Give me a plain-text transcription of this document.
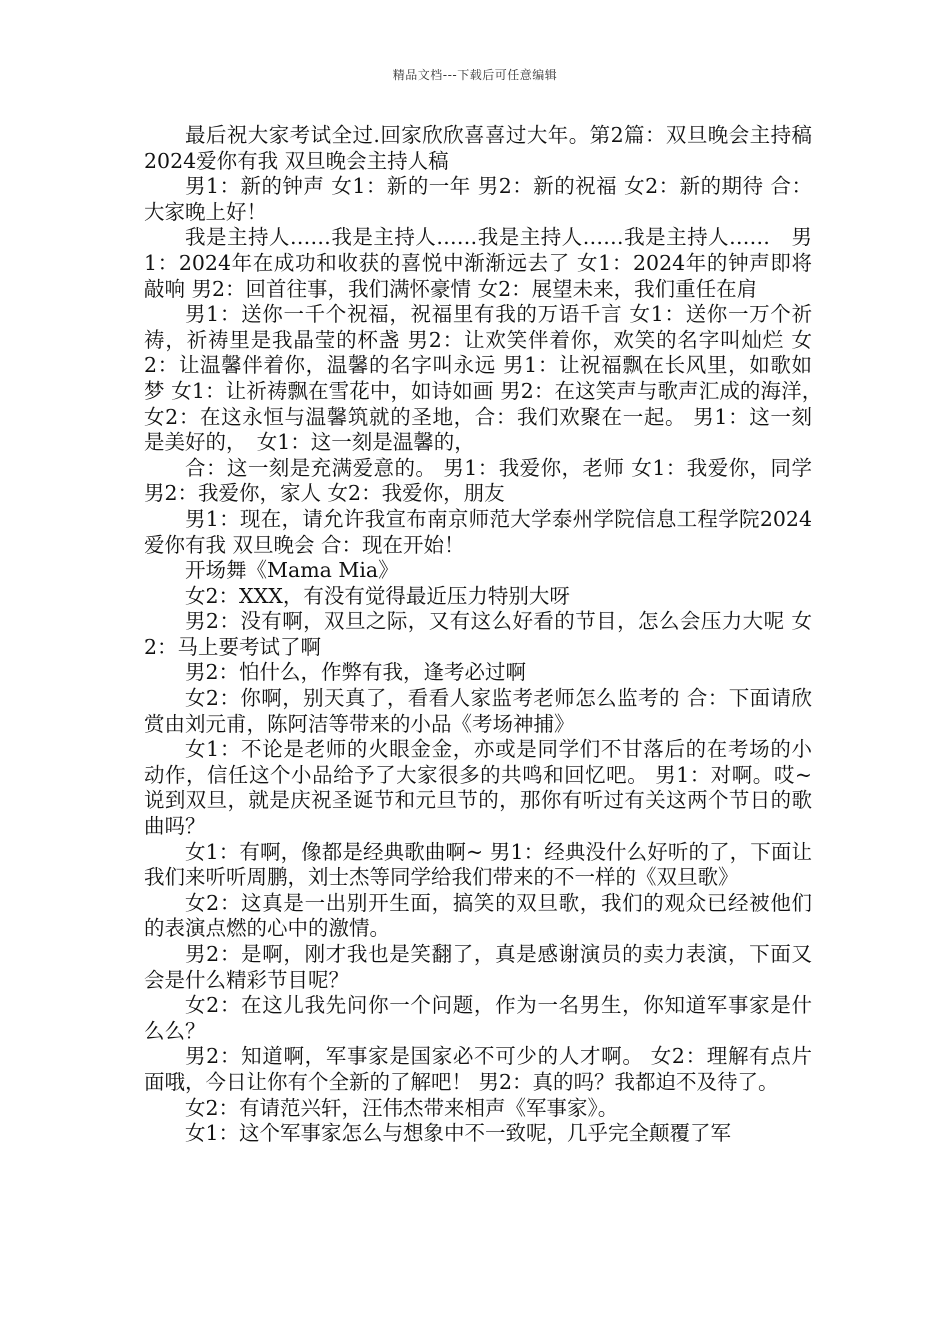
精品文档---下载后可任意编辑

最后祝大家考试全过.回家欣欣喜喜过大年。第2篇：双旦晚会主持稿2024爱你有我 双旦晚会主持人稿

男1：新的钟声 女1：新的一年 男2：新的祝福 女2：新的期待 合：大家晚上好！

我是主持人……我是主持人……我是主持人……我是主持人……　男1：2024年在成功和收获的喜悦中渐渐远去了 女1：2024年的钟声即将敲响 男2：回首往事，我们满怀豪情 女2：展望未来，我们重任在肩

男1：送你一千个祝福，祝福里有我的万语千言 女1：送你一万个祈祷，祈祷里是我晶莹的杯盏 男2：让欢笑伴着你，欢笑的名字叫灿烂 女2：让温馨伴着你，温馨的名字叫永远 男1：让祝福飘在长风里，如歌如梦 女1：让祈祷飘在雪花中，如诗如画 男2：在这笑声与歌声汇成的海洋，　女2：在这永恒与温馨筑就的圣地，合：我们欢聚在一起。 男1：这一刻是美好的，　女1：这一刻是温馨的，

合：这一刻是充满爱意的。 男1：我爱你，老师 女1：我爱你，同学 男2：我爱你，家人 女2：我爱你，朋友

男1：现在，请允许我宣布南京师范大学泰州学院信息工程学院2024爱你有我 双旦晚会 合：现在开始！

开场舞《Mama Mia》

女2：XXX，有没有觉得最近压力特别大呀

男2：没有啊，双旦之际，又有这么好看的节目，怎么会压力大呢 女2：马上要考试了啊

男2：怕什么，作弊有我，逢考必过啊

女2：你啊，别天真了，看看人家监考老师怎么监考的 合：下面请欣赏由刘元甫，陈阿洁等带来的小品《考场神捕》

女1：不论是老师的火眼金金，亦或是同学们不甘落后的在考场的小动作，信任这个小品给予了大家很多的共鸣和回忆吧。 男1：对啊。哎~说到双旦，就是庆祝圣诞节和元旦节的，那你有听过有关这两个节日的歌曲吗？

女1：有啊，像都是经典歌曲啊~ 男1：经典没什么好听的了，下面让我们来听听周鹏，刘士杰等同学给我们带来的不一样的《双旦歌》

女2：这真是一出别开生面，搞笑的双旦歌，我们的观众已经被他们的表演点燃的心中的激情。

男2：是啊，刚才我也是笑翻了，真是感谢演员的卖力表演，下面又会是什么精彩节目呢？

女2：在这儿我先问你一个问题，作为一名男生，你知道军事家是什么么？

男2：知道啊，军事家是国家必不可少的人才啊。 女2：理解有点片面哦，今日让你有个全新的了解吧！ 男2：真的吗？我都迫不及待了。

女2：有请范兴轩，汪伟杰带来相声《军事家》。

女1：这个军事家怎么与想象中不一致呢，几乎完全颠覆了军
